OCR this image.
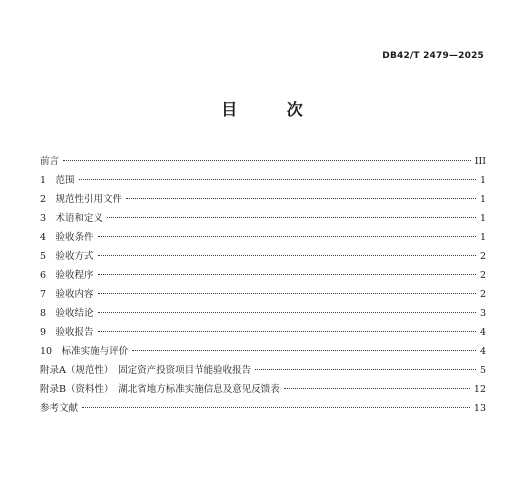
DB42/T 2479—2025
目 次
前言	III
1　范围	1
2　规范性引用文件	1
3　术语和定义	1
4　验收条件	1
5　验收方式	2
6　验收程序	2
7　验收内容	2
8　验收结论	3
9　验收报告	4
10　标准实施与评价	4
附录A（规范性）　固定资产投资项目节能验收报告	5
附录B（资料性）　湖北省地方标准实施信息及意见反馈表	12
参考文献	13
